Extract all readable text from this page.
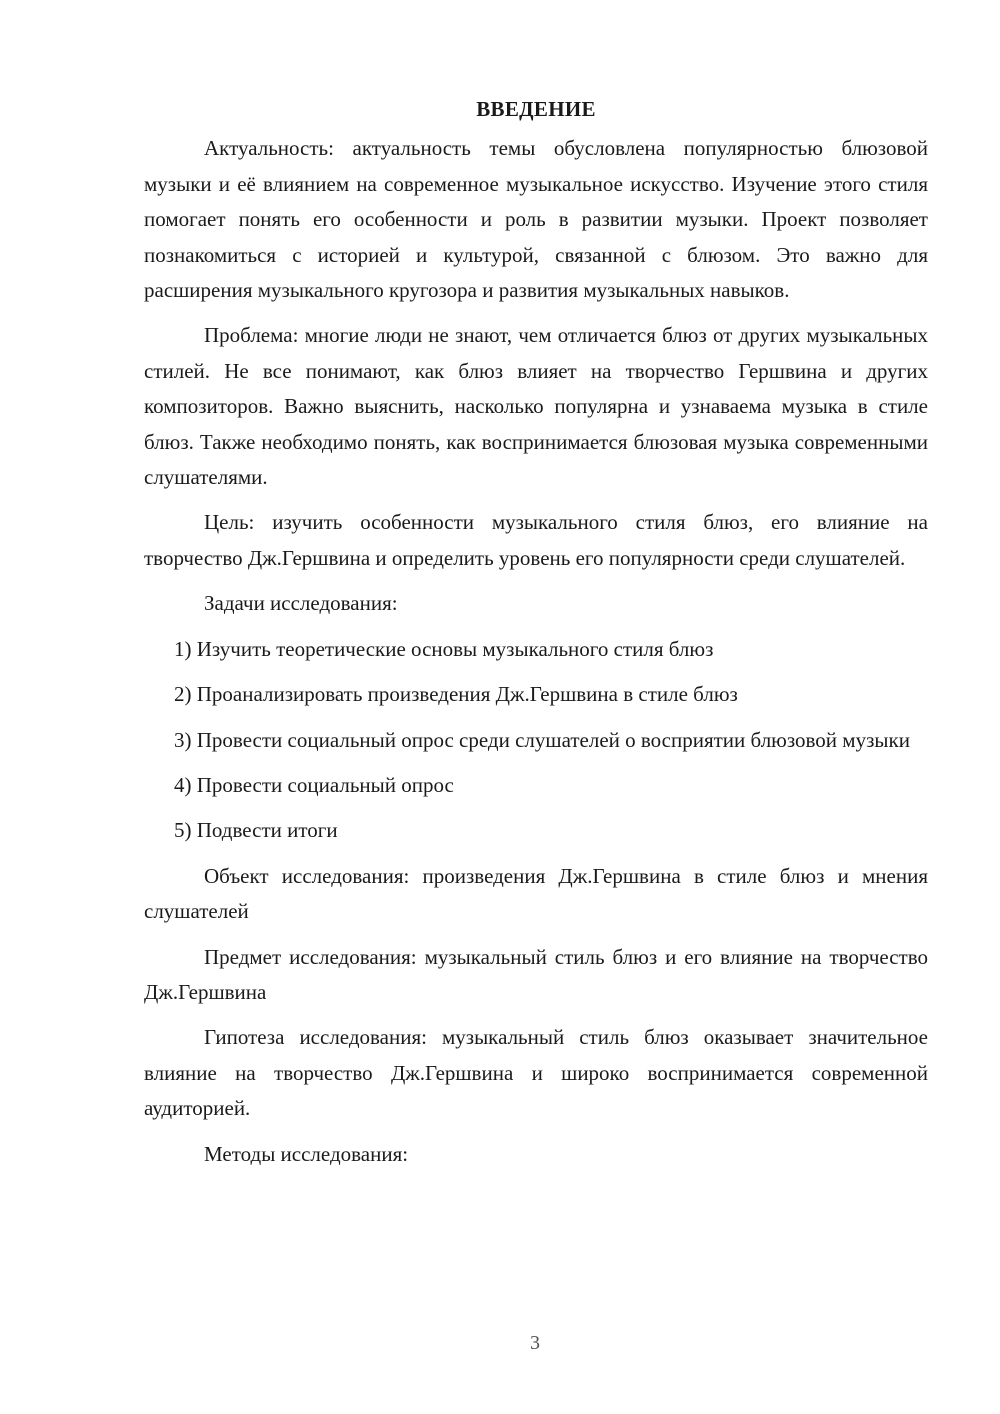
ВВЕДЕНИЕ

Актуальность: актуальность темы обусловлена популярностью блюзовой музыки и её влиянием на современное музыкальное искусство. Изучение этого стиля помогает понять его особенности и роль в развитии музыки. Проект позволяет познакомиться с историей и культурой, связанной с блюзом. Это важно для расширения музыкального кругозора и развития музыкальных навыков.

Проблема: многие люди не знают, чем отличается блюз от других музыкальных стилей. Не все понимают, как блюз влияет на творчество Гершвина и других композиторов. Важно выяснить, насколько популярна и узнаваема музыка в стиле блюз. Также необходимо понять, как воспринимается блюзовая музыка современными слушателями.

Цель: изучить особенности музыкального стиля блюз, его влияние на творчество Дж.Гершвина и определить уровень его популярности среди слушателей.

Задачи исследования:

1) Изучить теоретические основы музыкального стиля блюз

2) Проанализировать произведения Дж.Гершвина в стиле блюз

3) Провести социальный опрос среди слушателей о восприятии блюзовой музыки

4) Провести социальный опрос

5) Подвести итоги

Объект исследования: произведения Дж.Гершвина в стиле блюз и мнения слушателей

Предмет исследования: музыкальный стиль блюз и его влияние на творчество Дж.Гершвина

Гипотеза исследования: музыкальный стиль блюз оказывает значительное влияние на творчество Дж.Гершвина и широко воспринимается современной аудиторией.

Методы исследования:

3
